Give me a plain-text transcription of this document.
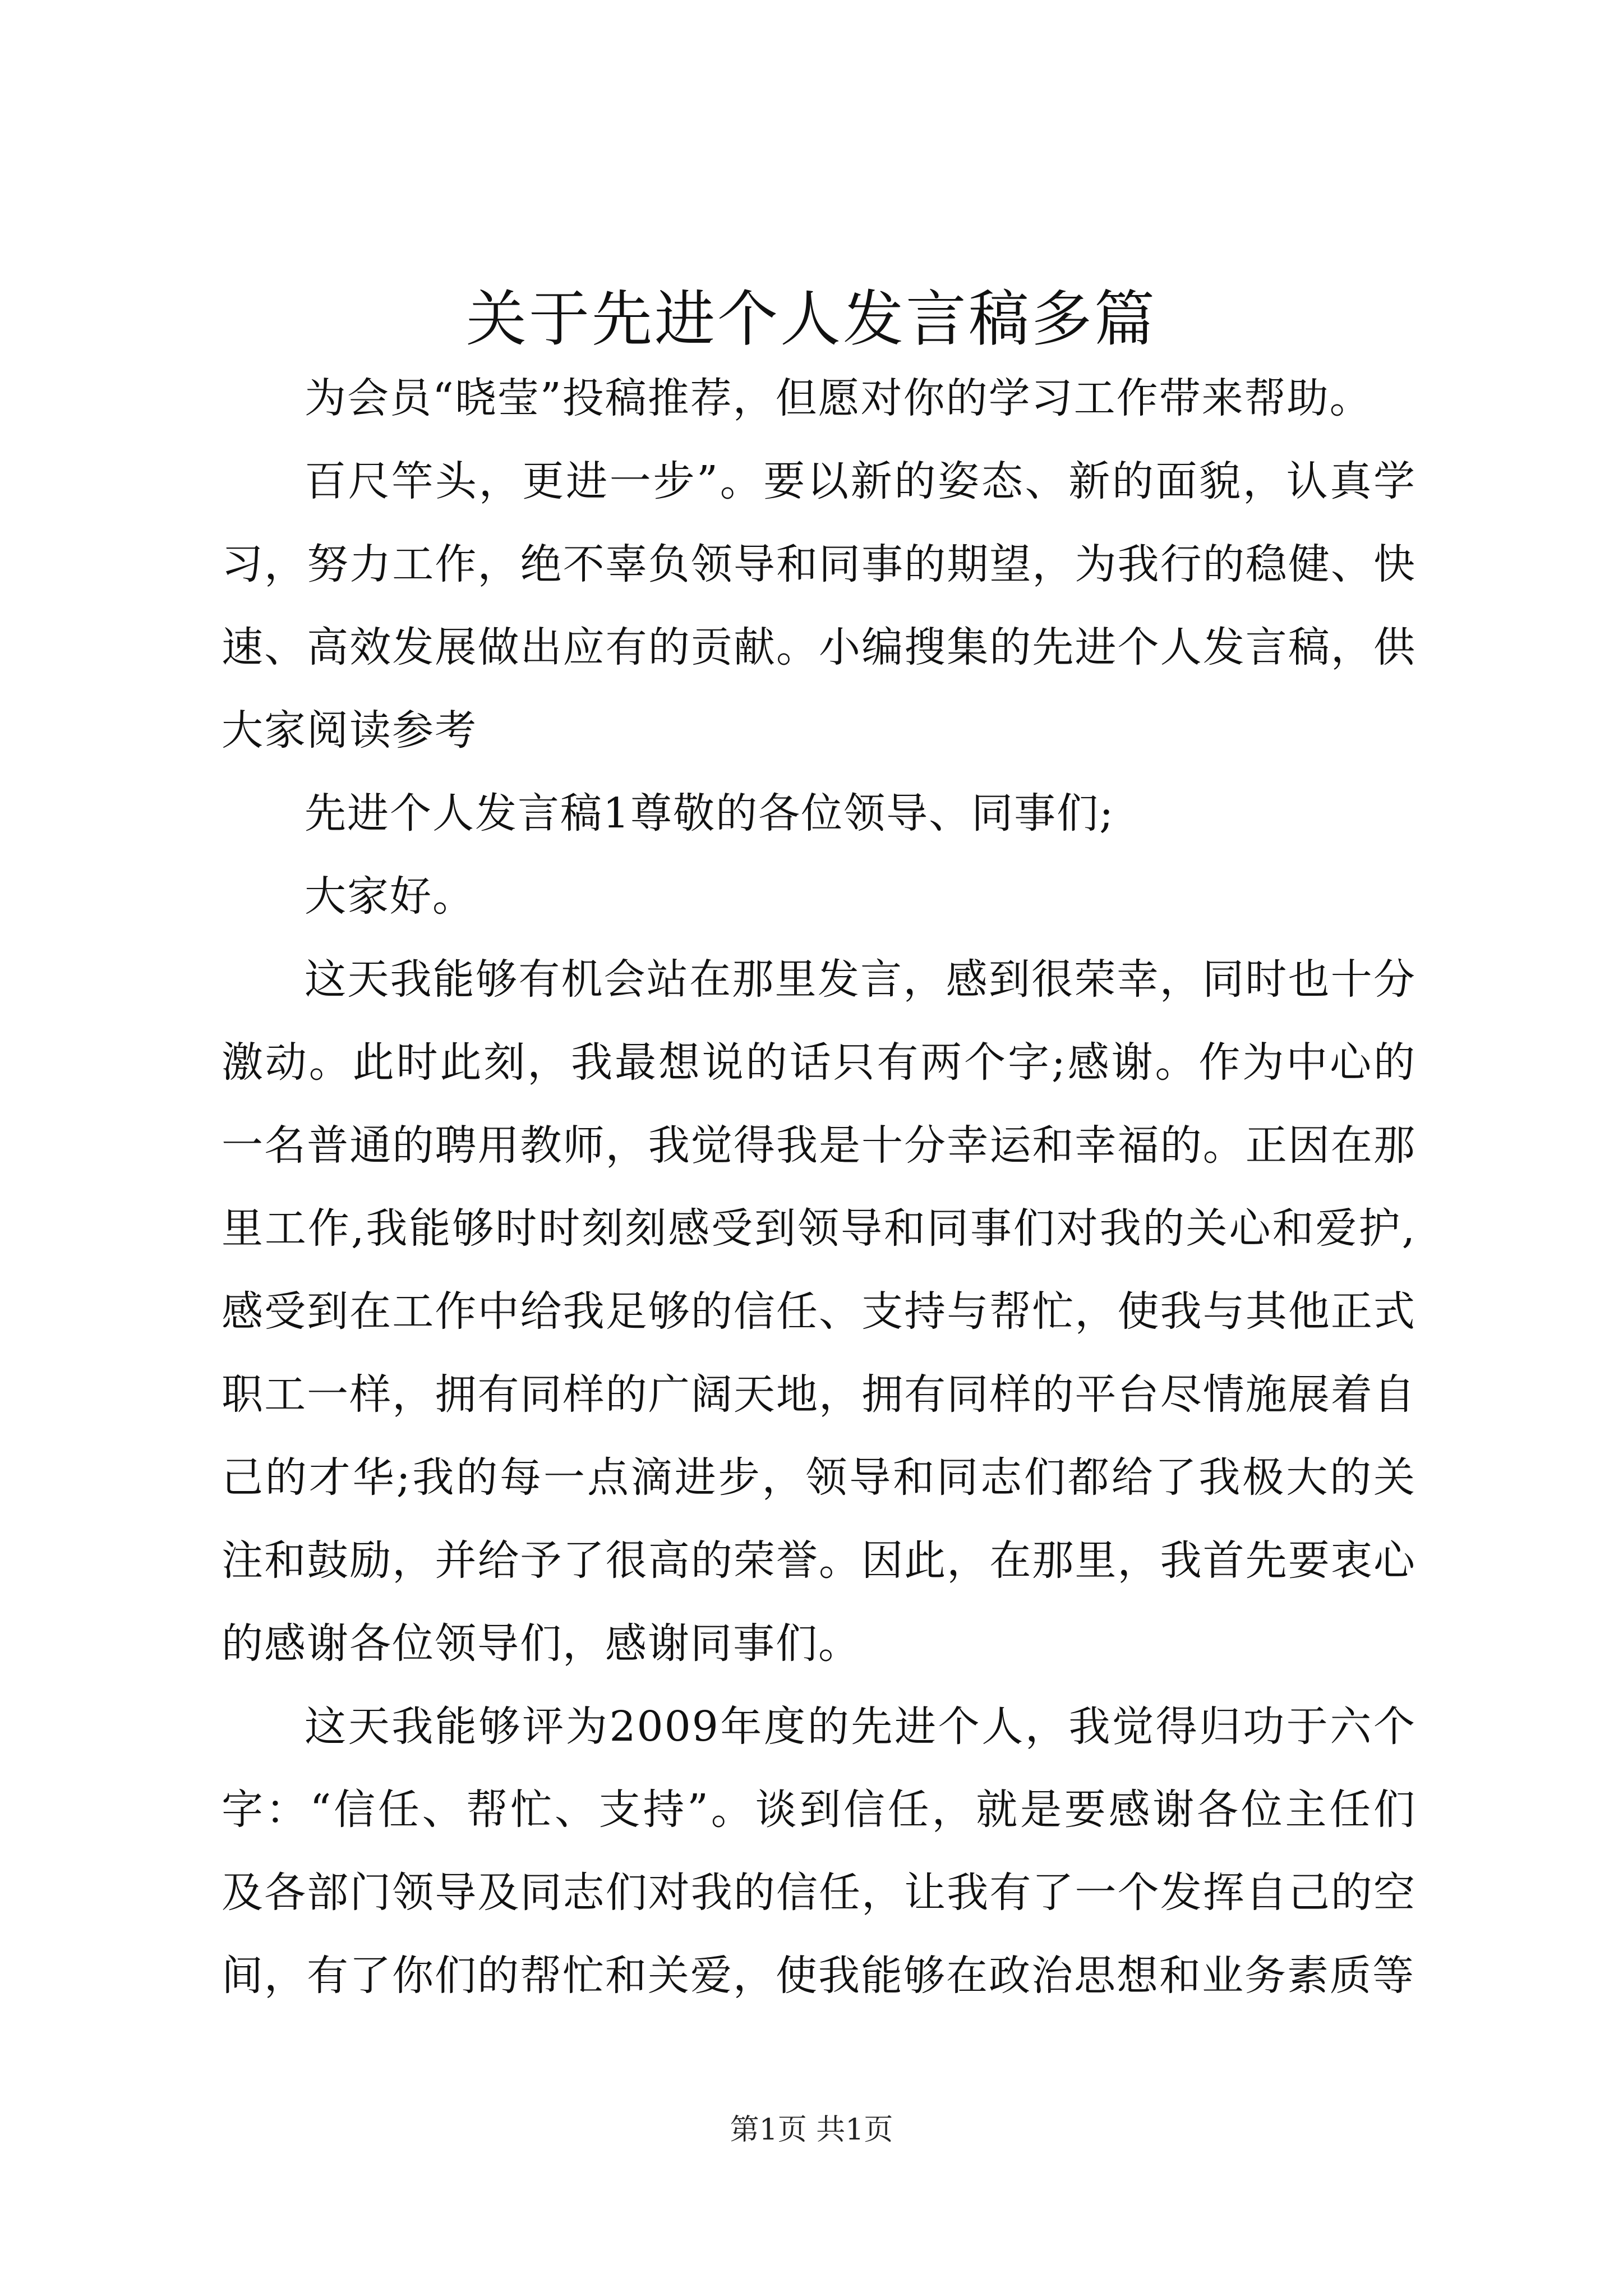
关于先进个人发言稿多篇

为会员“晓莹”投稿推荐，但愿对你的学习工作带来帮助。

百尺竿头，更进一步”。要以新的姿态、新的面貌，认真学习，努力工作，绝不辜负领导和同事的期望，为我行的稳健、快速、高效发展做出应有的贡献。小编搜集的先进个人发言稿，供大家阅读参考

先进个人发言稿1尊敬的各位领导、同事们;

大家好。

这天我能够有机会站在那里发言，感到很荣幸，同时也十分激动。此时此刻，我最想说的话只有两个字;感谢。作为中心的一名普通的聘用教师，我觉得我是十分幸运和幸福的。正因在那里工作,我能够时时刻刻感受到领导和同事们对我的关心和爱护,感受到在工作中给我足够的信任、支持与帮忙，使我与其他正式职工一样，拥有同样的广阔天地，拥有同样的平台尽情施展着自己的才华;我的每一点滴进步，领导和同志们都给了我极大的关注和鼓励，并给予了很高的荣誉。因此，在那里，我首先要衷心的感谢各位领导们，感谢同事们。

这天我能够评为2009年度的先进个人，我觉得归功于六个字：“信任、帮忙、支持”。谈到信任，就是要感谢各位主任们及各部门领导及同志们对我的信任，让我有了一个发挥自己的空间，有了你们的帮忙和关爱，使我能够在政治思想和业务素质等

第1页 共1页
